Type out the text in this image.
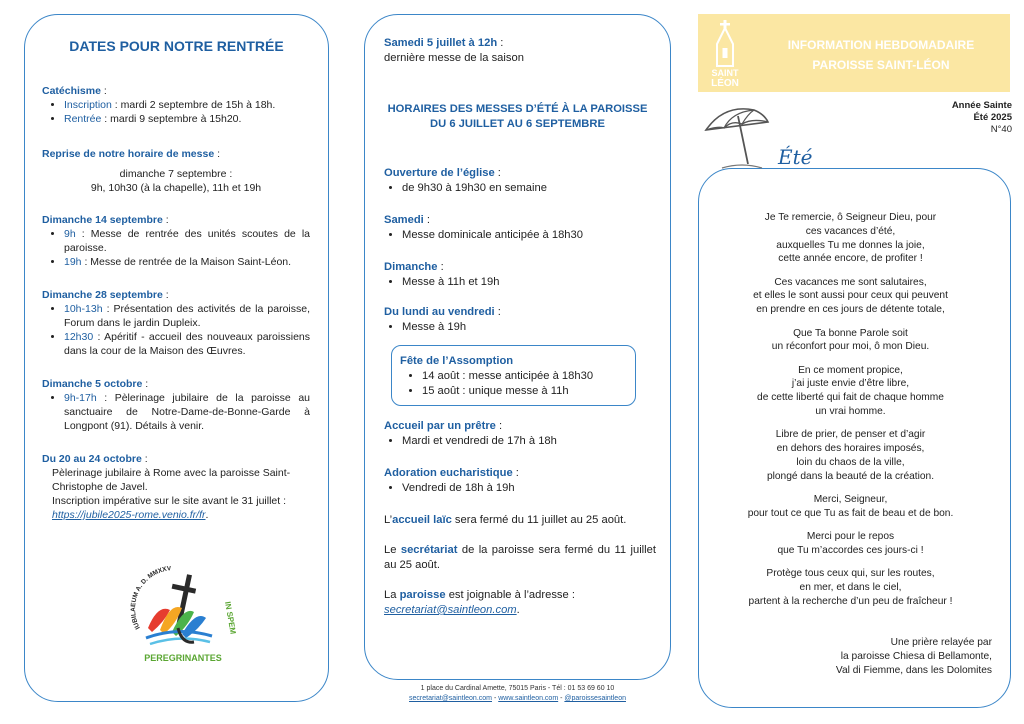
DATES POUR NOTRE RENTRÉE
Catéchisme :
• Inscription : mardi 2 septembre de 15h à 18h.
• Rentrée : mardi 9 septembre à 15h20.
Reprise de notre horaire de messe :
dimanche 7 septembre :
9h, 10h30 (à la chapelle), 11h et 19h
Dimanche 14 septembre :
• 9h : Messe de rentrée des unités scoutes de la paroisse.
• 19h : Messe de rentrée de la Maison Saint-Léon.
Dimanche 28 septembre :
• 10h-13h : Présentation des activités de la paroisse, Forum dans le jardin Dupleix.
• 12h30 : Apéritif - accueil des nouveaux paroissiens dans la cour de la Maison des Œuvres.
Dimanche 5 octobre :
• 9h-17h : Pèlerinage jubilaire de la paroisse au sanctuaire de Notre-Dame-de-Bonne-Garde à Longpont (91). Détails à venir.
Du 20 au 24 octobre :
Pèlerinage jubilaire à Rome avec la paroisse Saint-Christophe de Javel.
Inscription impérative sur le site avant le 31 juillet : https://jubile2025-rome.venio.fr/fr.
IUBILAEUM A. D. MMXXV
IN SPEM
PEREGRINANTES
Samedi 5 juillet à 12h :
dernière messe de la saison
HORAIRES DES MESSES D’ÉTÉ À LA PAROISSE
DU 6 JUILLET AU 6 SEPTEMBRE
Ouverture de l’église :
• de 9h30 à 19h30 en semaine
Samedi :
• Messe dominicale anticipée à 18h30
Dimanche :
• Messe à 11h et 19h
Du lundi au vendredi :
• Messe à 19h
Fête de l’Assomption
• 14 août : messe anticipée à 18h30
• 15 août : unique messe à 11h
Accueil par un prêtre :
• Mardi et vendredi de 17h à 18h
Adoration eucharistique :
• Vendredi de 18h à 19h
L’accueil laïc sera fermé du 11 juillet au 25 août.
Le secrétariat de la paroisse sera fermé du 11 juillet au 25 août.
La paroisse est joignable à l’adresse :
secretariat@saintleon.com.
1 place du Cardinal Amette, 75015 Paris - Tél : 01 53 69 60 10
secretariat@saintleon.com - www.saintleon.com - @paroissesaintleon
SAINT
LÉON
INFORMATION HEBDOMADAIRE
PAROISSE SAINT-LÉON
Année Sainte
Été 2025
N°40
Été

Je Te remercie, ô Seigneur Dieu, pour
ces vacances d’été,
auxquelles Tu me donnes la joie,
cette année encore, de profiter !

Ces vacances me sont salutaires,
et elles le sont aussi pour ceux qui peuvent
en prendre en ces jours de détente totale,

Que Ta bonne Parole soit
un réconfort pour moi, ô mon Dieu.

En ce moment propice,
j’ai juste envie d’être libre,
de cette liberté qui fait de chaque homme
un vrai homme.

Libre de prier, de penser et d’agir
en dehors des horaires imposés,
loin du chaos de la ville,
plongé dans la beauté de la création.

Merci, Seigneur,
pour tout ce que Tu as fait de beau et de bon.

Merci pour le repos
que Tu m’accordes ces jours-ci !

Protège tous ceux qui, sur les routes,
en mer, et dans le ciel,
partent à la recherche d’un peu de fraîcheur !

Une prière relayée par
la paroisse Chiesa di Bellamonte,
Val di Fiemme, dans les Dolomites
